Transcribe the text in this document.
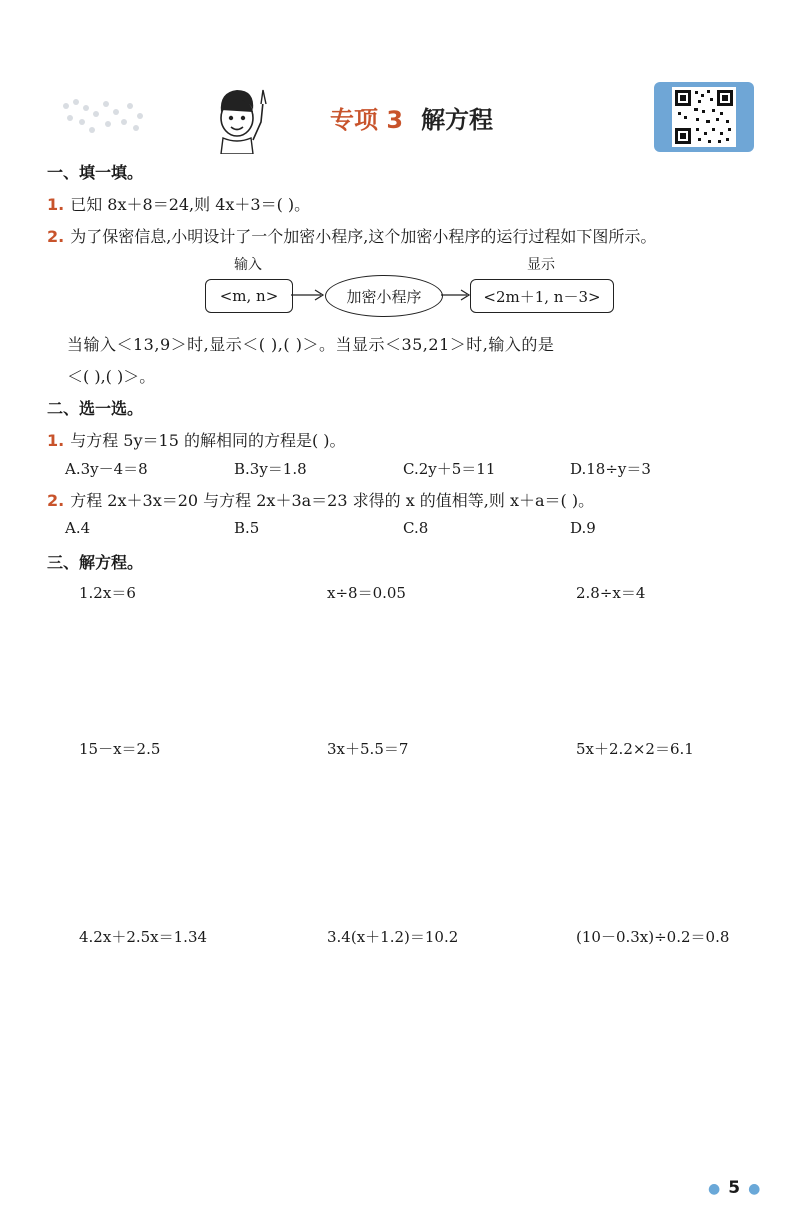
专项 3 解方程
一、填一填。
1. 已知 8x＋8＝24,则 4x＋3＝( )。
2. 为了保密信息,小明设计了一个加密小程序,这个加密小程序的运行过程如下图所示。
输入	显示
<m, n>	加密小程序	<2m＋1, n－3>
当输入＜13,9＞时,显示＜( ),( )＞。当显示＜35,21＞时,输入的是
＜( ),( )＞。
二、选一选。
1. 与方程 5y＝15 的解相同的方程是( )。
A.3y－4＝8	B.3y＝1.8	C.2y＋5＝11	D.18÷y＝3
2. 方程 2x＋3x＝20 与方程 2x＋3a＝23 求得的 x 的值相等,则 x＋a＝( )。
A.4	B.5	C.8	D.9
三、解方程。
1.2x＝6	x÷8＝0.05	2.8÷x＝4
15－x＝2.5	3x＋5.5＝7	5x＋2.2×2＝6.1
4.2x＋2.5x＝1.34	3.4(x＋1.2)＝10.2	(10－0.3x)÷0.2＝0.8
● 5 ●
